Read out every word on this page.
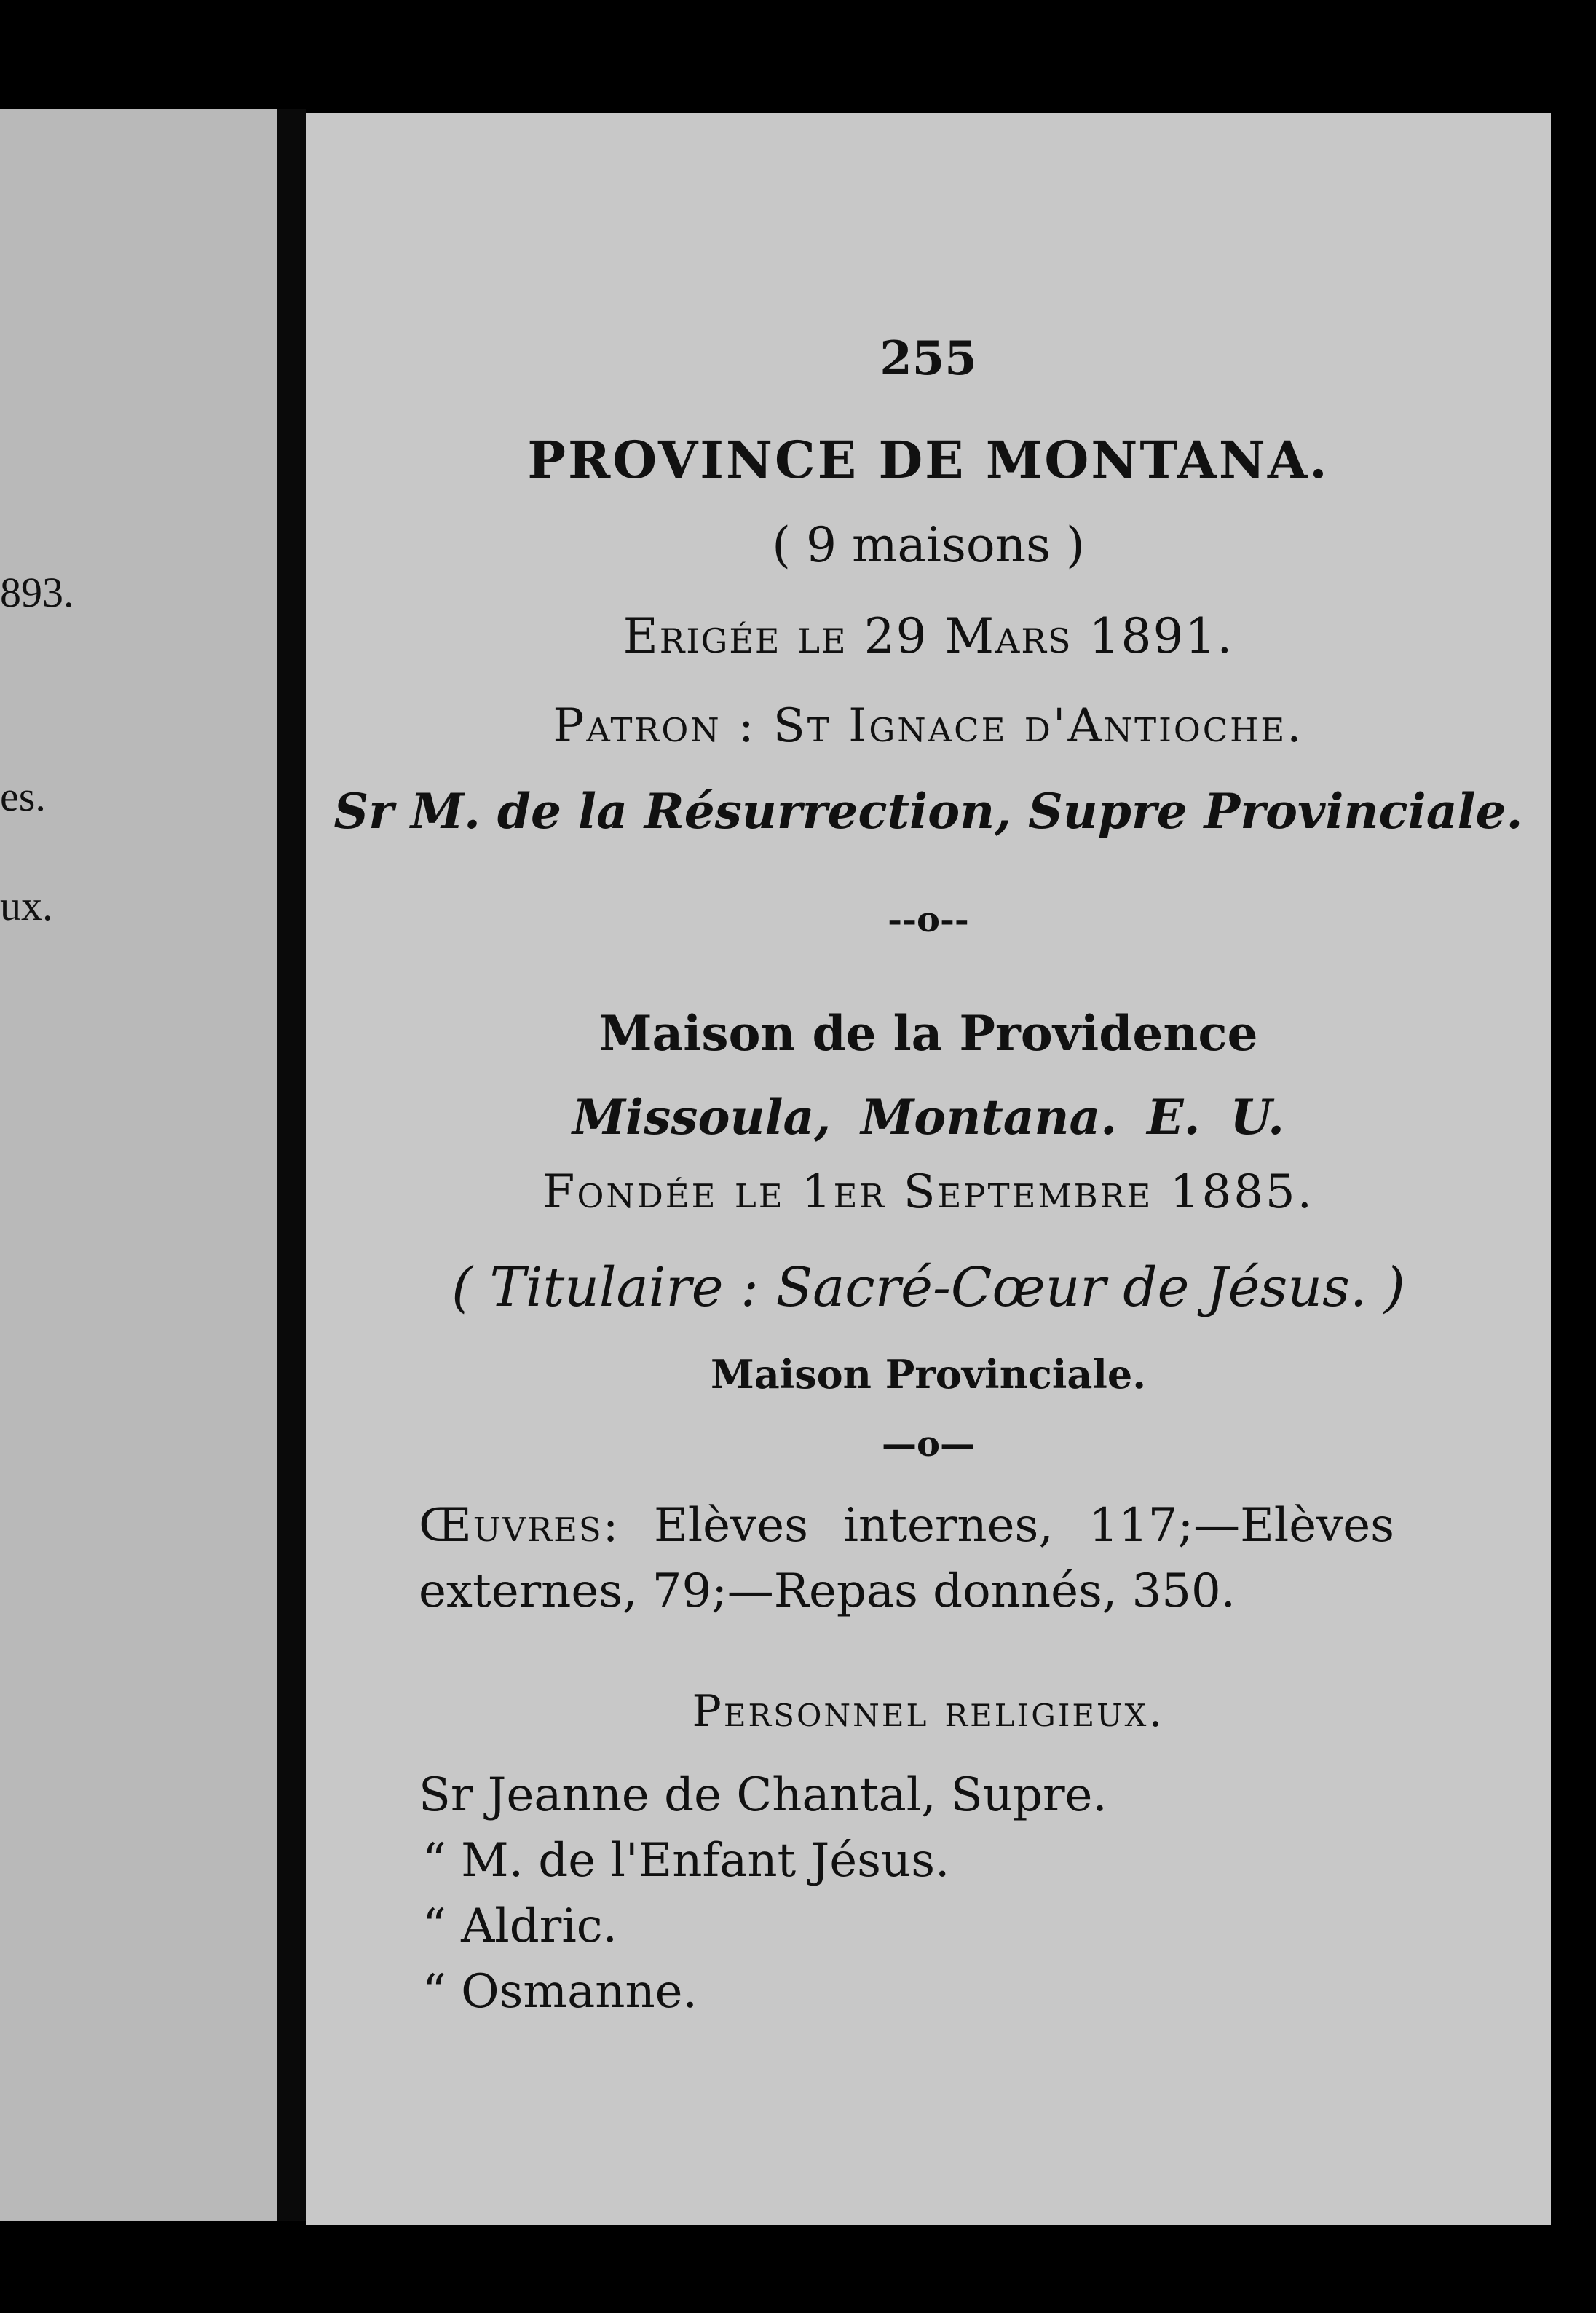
893.
es.
ux.
255
PROVINCE DE MONTANA.
( 9 maisons )
Erigée le 29 Mars 1891.
Patron : St Ignace d'Antioche.
Sr M. de la Résurrection, Supre Provinciale.
--o--
Maison de la Providence
Missoula, Montana. E. U.
Fondée le 1er Septembre 1885.
( Titulaire : Sacré-Cœur de Jésus. )
Maison Provinciale.
—o—
Œuvres: Elèves internes, 117;—Elèves externes, 79;—Repas donnés, 350.
Personnel religieux.
Sr Jeanne de Chantal, Supre.
“ M. de l'Enfant Jésus.
“ Aldric.
“ Osmanne.
